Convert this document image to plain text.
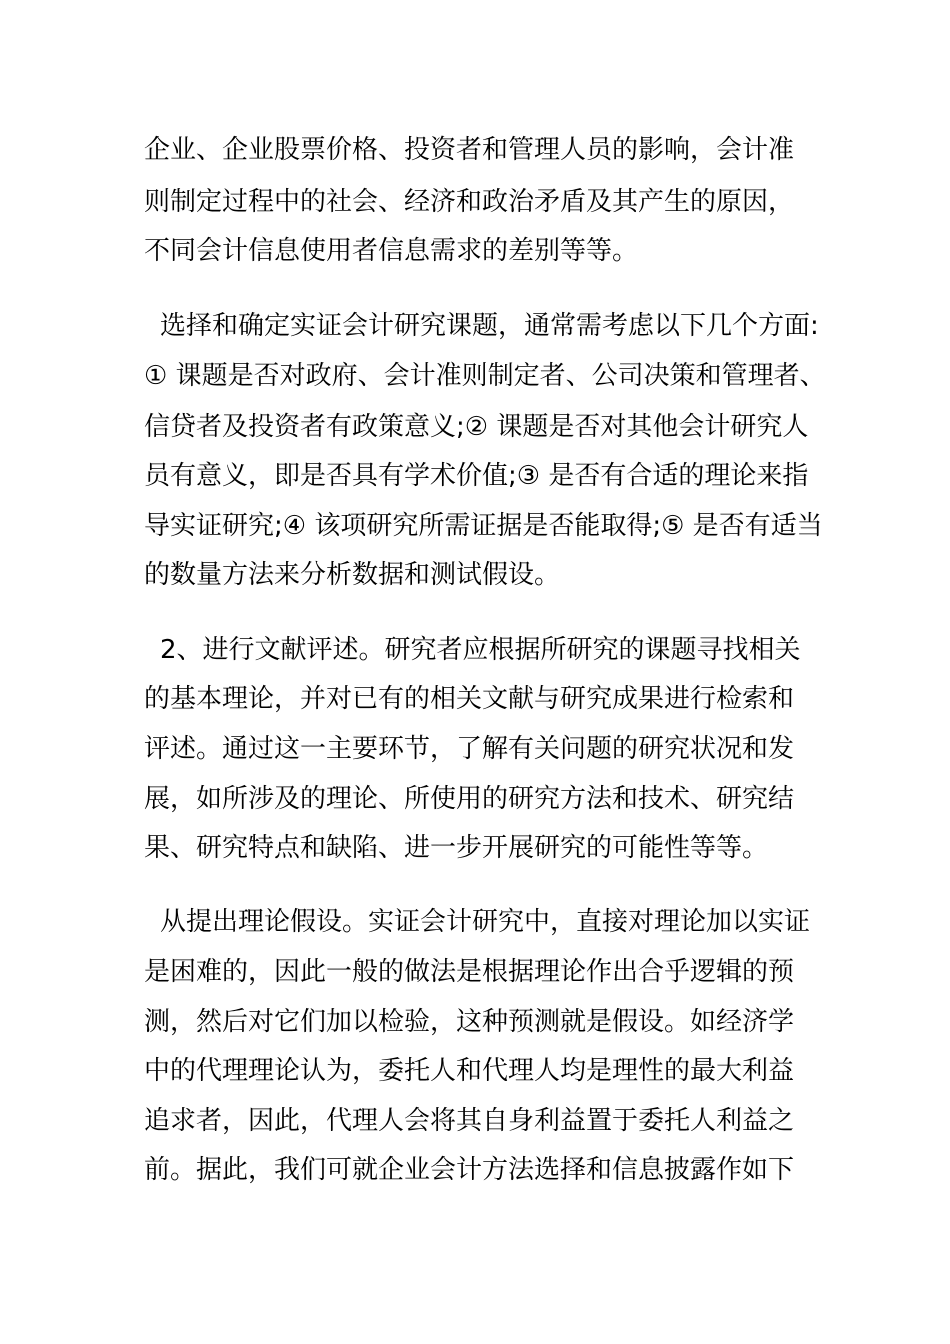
企业、企业股票价格、投资者和管理人员的影响，会计准

则制定过程中的社会、经济和政治矛盾及其产生的原因，

不同会计信息使用者信息需求的差别等等。

选择和确定实证会计研究课题，通常需考虑以下几个方面:

① 课题是否对政府、会计准则制定者、公司决策和管理者、

信贷者及投资者有政策意义;② 课题是否对其他会计研究人

员有意义，即是否具有学术价值;③ 是否有合适的理论来指

导实证研究;④ 该项研究所需证据是否能取得;⑤ 是否有适当

的数量方法来分析数据和测试假设。

2、进行文献评述。研究者应根据所研究的课题寻找相关

的基本理论，并对已有的相关文献与研究成果进行检索和

评述。通过这一主要环节，了解有关问题的研究状况和发

展，如所涉及的理论、所使用的研究方法和技术、研究结

果、研究特点和缺陷、进一步开展研究的可能性等等。

从提出理论假设。实证会计研究中，直接对理论加以实证

是困难的，因此一般的做法是根据理论作出合乎逻辑的预

测，然后对它们加以检验，这种预测就是假设。如经济学

中的代理理论认为，委托人和代理人均是理性的最大利益

追求者，因此，代理人会将其自身利益置于委托人利益之

前。据此，我们可就企业会计方法选择和信息披露作如下
